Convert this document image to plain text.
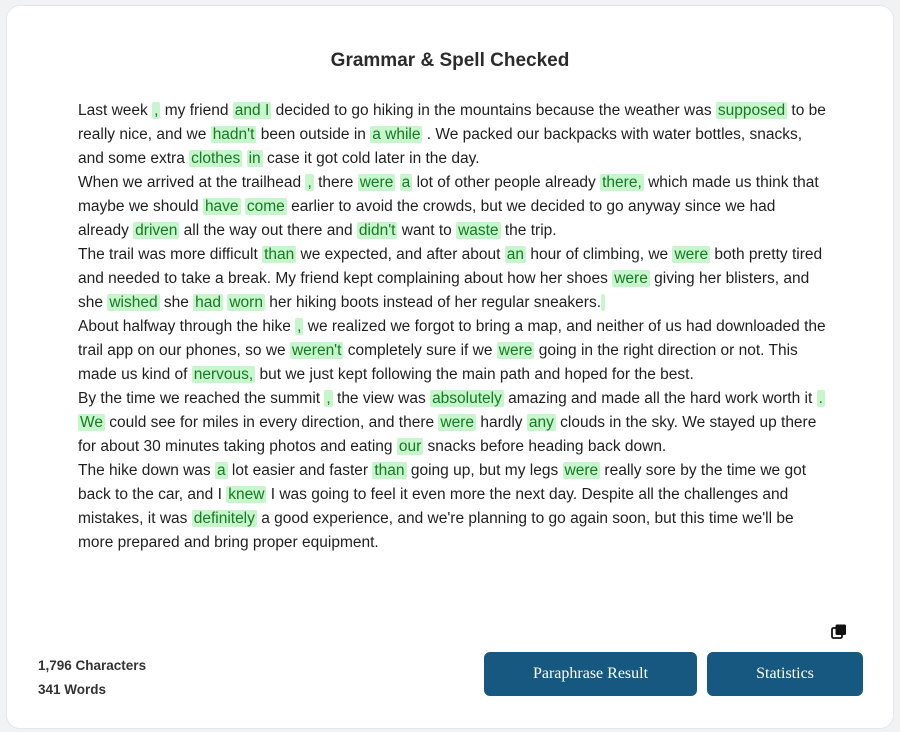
Grammar & Spell Checked

Last week , my friend and I decided to go hiking in the mountains because the weather was supposed to be really nice, and we hadn't been outside in a while . We packed our backpacks with water bottles, snacks, and some extra clothes in case it got cold later in the day.

When we arrived at the trailhead , there were a lot of other people already there, which made us think that maybe we should have come earlier to avoid the crowds, but we decided to go anyway since we had already driven all the way out there and didn't want to waste the trip.

The trail was more difficult than we expected, and after about an hour of climbing, we were both pretty tired and needed to take a break. My friend kept complaining about how her shoes were giving her blisters, and she wished she had worn her hiking boots instead of her regular sneakers.

About halfway through the hike , we realized we forgot to bring a map, and neither of us had downloaded the trail app on our phones, so we weren't completely sure if we were going in the right direction or not. This made us kind of nervous, but we just kept following the main path and hoped for the best.

By the time we reached the summit , the view was absolutely amazing and made all the hard work worth it . We could see for miles in every direction, and there were hardly any clouds in the sky. We stayed up there for about 30 minutes taking photos and eating our snacks before heading back down.

The hike down was a lot easier and faster than going up, but my legs were really sore by the time we got back to the car, and I knew I was going to feel it even more the next day. Despite all the challenges and mistakes, it was definitely a good experience, and we're planning to go again soon, but this time we'll be more prepared and bring proper equipment.

1,796 Characters
341 Words
Paraphrase Result	Statistics
